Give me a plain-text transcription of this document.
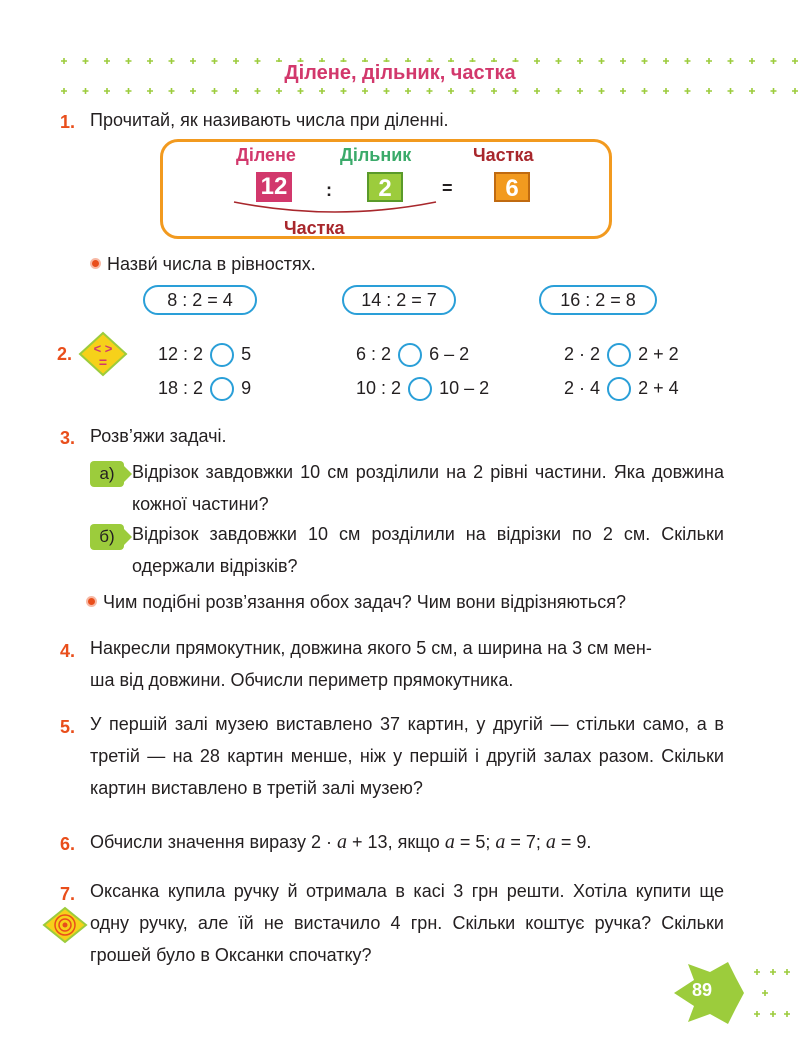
Ділене, дільник, частка
1. Прочитай, як називають числа при діленні.
Ділене Дільник	Частка
12 :	2	=	6
Частка
Назви́ числа в рівностях.
8 : 2 = 4	14 : 2 = 7	16 : 2 = 8
2. < >
=	12 : 2 5	6 : 2 6 – 2	2 · 2 2 + 2
18 : 2 9	10 : 2 10 – 2	2 · 4 2 + 4
3. Розв’яжи задачі.
а) Відрізок завдовжки 10 см розділили на 2 рівні частини. Яка довжина кожної частини?
б) Відрізок завдовжки 10 см розділили на відрізки по 2 см. Скільки одержали відрізків?
Чим подібні розв’язання обох задач? Чим вони відрізняються?
4. Накресли прямокутник, довжина якого 5 см, а ширина на 3 см мен-
ша від довжини. Обчисли периметр прямокутника.
5. У першій залі музею виставлено 37 картин, у другій — стільки само, а в третій — на 28 картин менше, ніж у першій і другій залах разом. Скільки картин виставлено в третій залі музею?
6. Обчисли значення виразу 2 · a + 13, якщо a = 5; a = 7; a = 9.
7. Оксанка купила ручку й отримала в касі 3 грн решти. Хотіла купити ще одну ручку, але їй не вистачило 4 грн. Скільки коштує ручка? Скільки грошей було в Оксанки спочатку?
89
